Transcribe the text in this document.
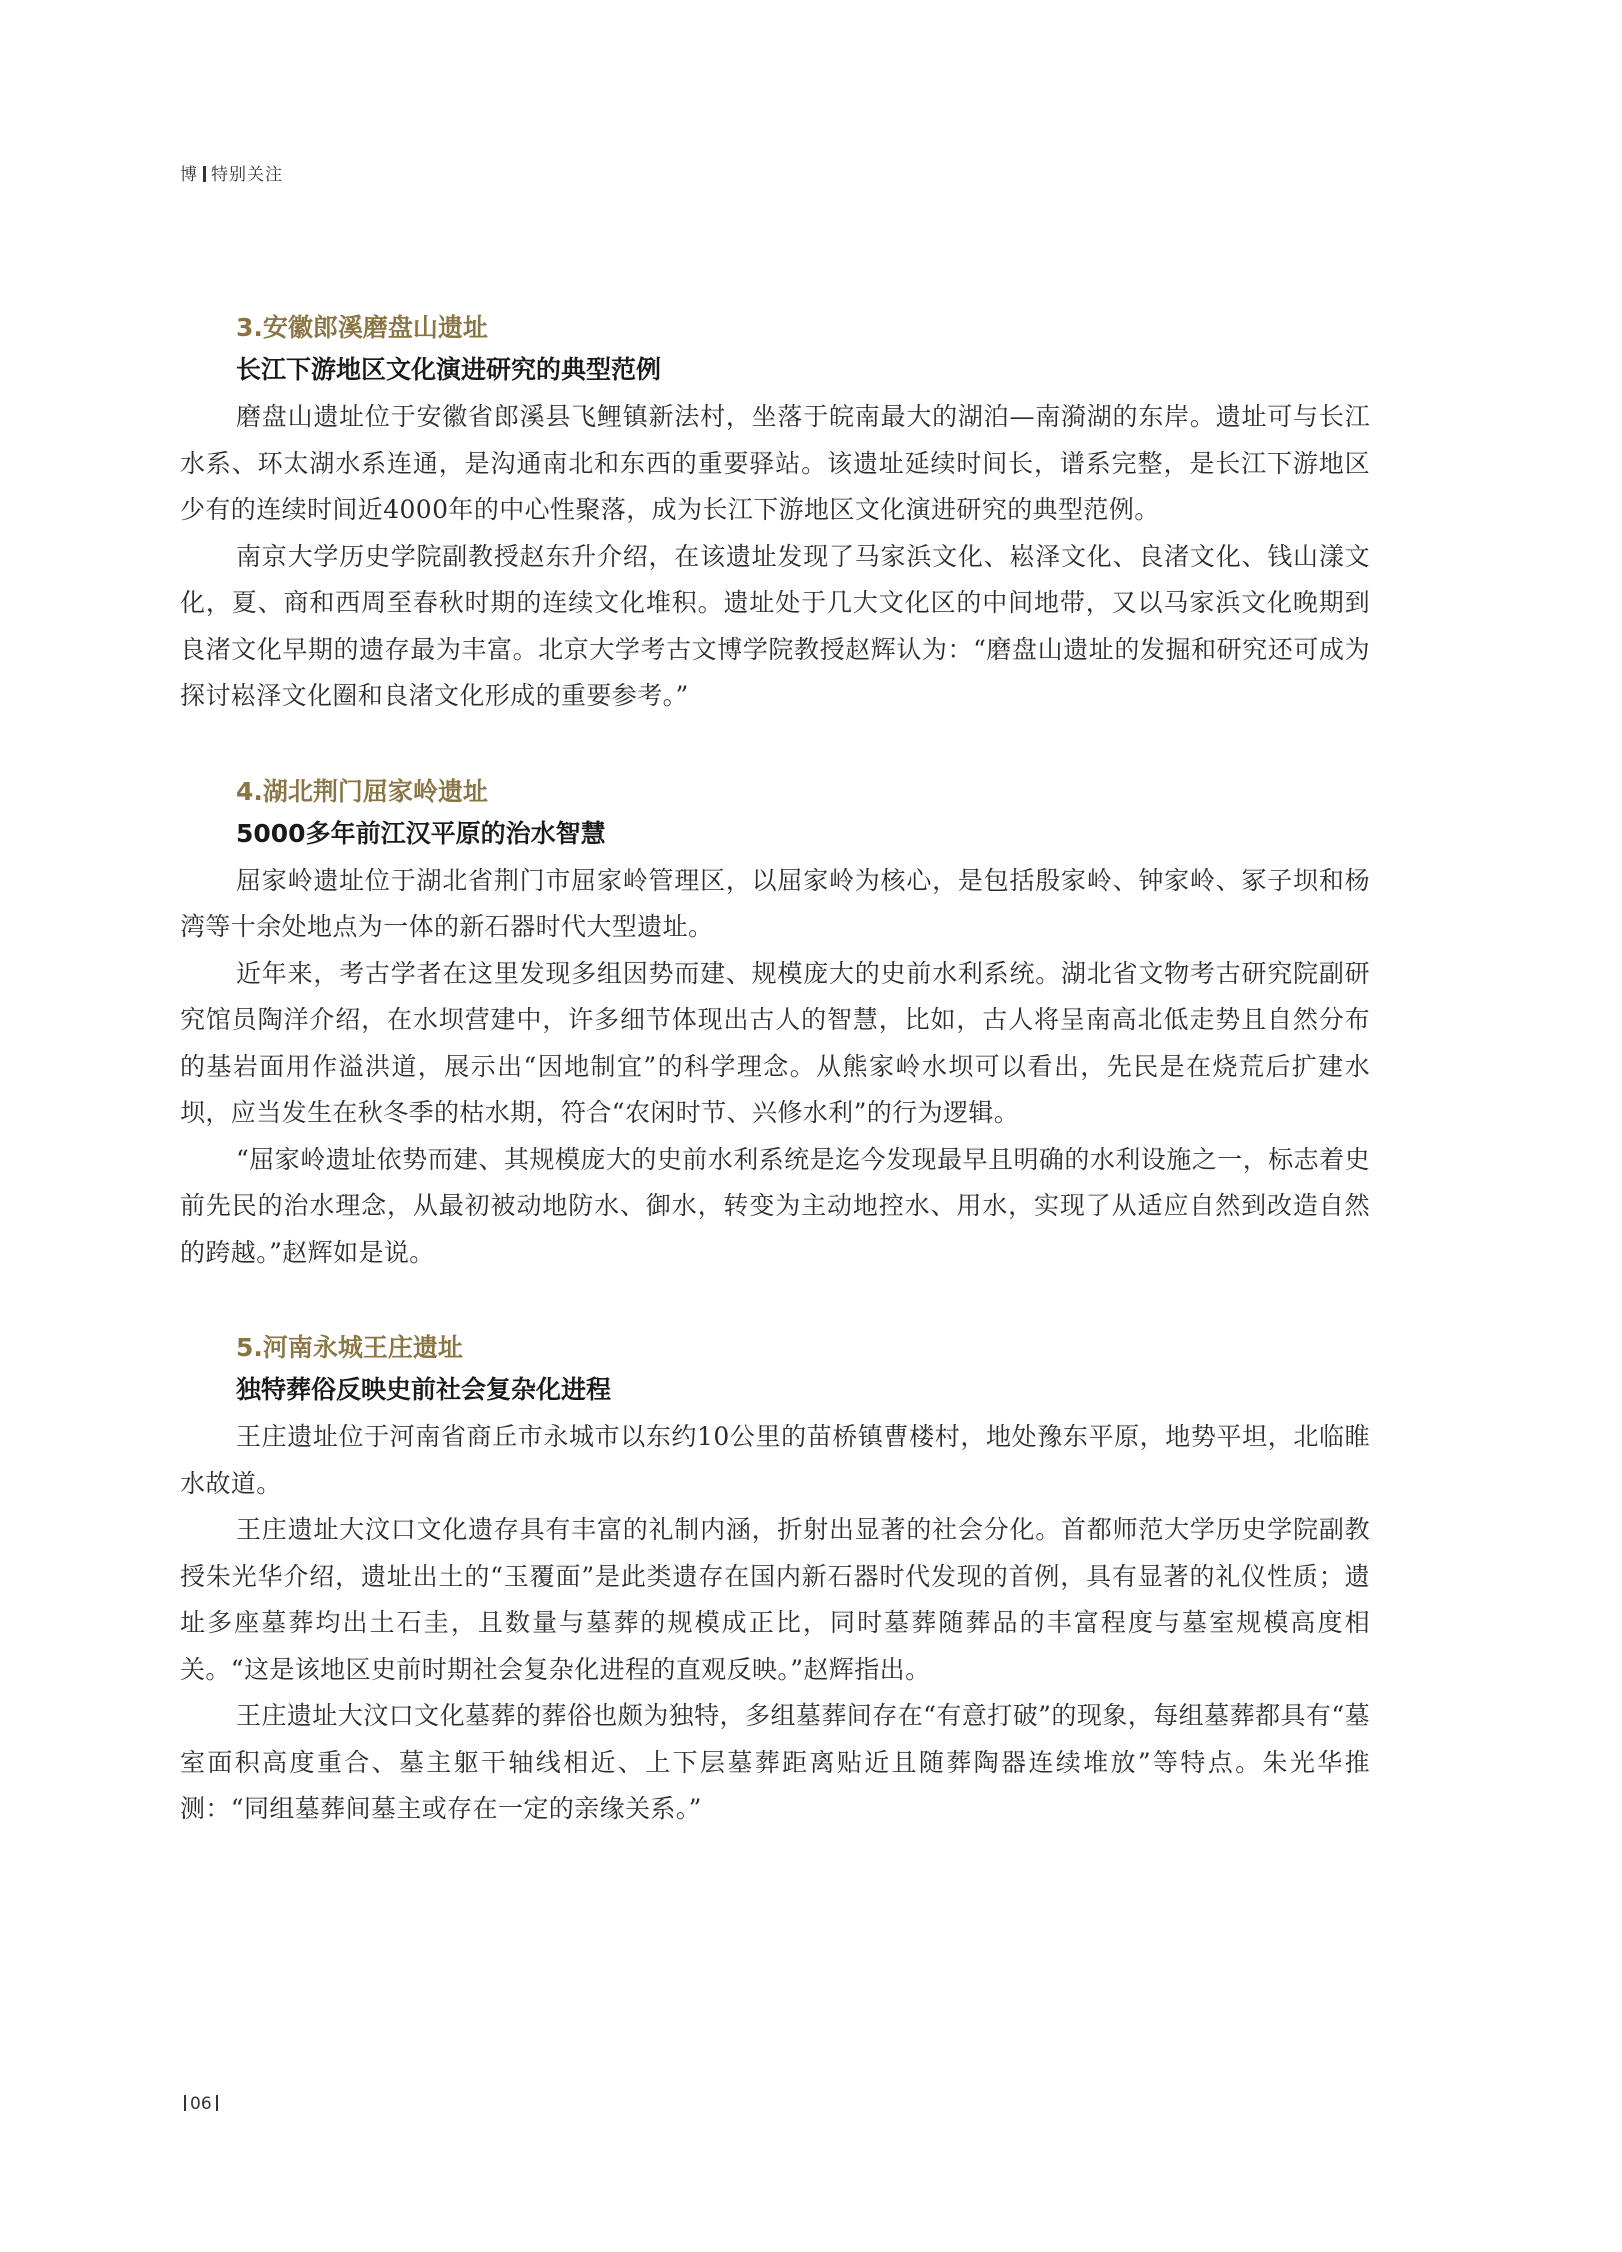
博 特别关注
3.安徽郎溪磨盘山遗址
长江下游地区文化演进研究的典型范例

磨盘山遗址位于安徽省郎溪县飞鲤镇新法村，坐落于皖南最大的湖泊—南漪湖的东岸。遗址可与长江水系、环太湖水系连通，是沟通南北和东西的重要驿站。该遗址延续时间长，谱系完整，是长江下游地区少有的连续时间近4000年的中心性聚落，成为长江下游地区文化演进研究的典型范例。

南京大学历史学院副教授赵东升介绍，在该遗址发现了马家浜文化、崧泽文化、良渚文化、钱山漾文化，夏、商和西周至春秋时期的连续文化堆积。遗址处于几大文化区的中间地带，又以马家浜文化晚期到良渚文化早期的遗存最为丰富。北京大学考古文博学院教授赵辉认为：“磨盘山遗址的发掘和研究还可成为探讨崧泽文化圈和良渚文化形成的重要参考。”

4.湖北荆门屈家岭遗址
5000多年前江汉平原的治水智慧

屈家岭遗址位于湖北省荆门市屈家岭管理区，以屈家岭为核心，是包括殷家岭、钟家岭、冢子坝和杨湾等十余处地点为一体的新石器时代大型遗址。

近年来，考古学者在这里发现多组因势而建、规模庞大的史前水利系统。湖北省文物考古研究院副研究馆员陶洋介绍，在水坝营建中，许多细节体现出古人的智慧，比如，古人将呈南高北低走势且自然分布的基岩面用作溢洪道，展示出“因地制宜”的科学理念。从熊家岭水坝可以看出，先民是在烧荒后扩建水坝，应当发生在秋冬季的枯水期，符合“农闲时节、兴修水利”的行为逻辑。

“屈家岭遗址依势而建、其规模庞大的史前水利系统是迄今发现最早且明确的水利设施之一，标志着史前先民的治水理念，从最初被动地防水、御水，转变为主动地控水、用水，实现了从适应自然到改造自然的跨越。”赵辉如是说。

5.河南永城王庄遗址
独特葬俗反映史前社会复杂化进程

王庄遗址位于河南省商丘市永城市以东约10公里的苗桥镇曹楼村，地处豫东平原，地势平坦，北临睢水故道。

王庄遗址大汶口文化遗存具有丰富的礼制内涵，折射出显著的社会分化。首都师范大学历史学院副教授朱光华介绍，遗址出土的“玉覆面”是此类遗存在国内新石器时代发现的首例，具有显著的礼仪性质；遗址多座墓葬均出土石圭，且数量与墓葬的规模成正比，同时墓葬随葬品的丰富程度与墓室规模高度相关。“这是该地区史前时期社会复杂化进程的直观反映。”赵辉指出。

王庄遗址大汶口文化墓葬的葬俗也颇为独特，多组墓葬间存在“有意打破”的现象，每组墓葬都具有“墓室面积高度重合、墓主躯干轴线相近、上下层墓葬距离贴近且随葬陶器连续堆放”等特点。朱光华推测：“同组墓葬间墓主或存在一定的亲缘关系。”

06
